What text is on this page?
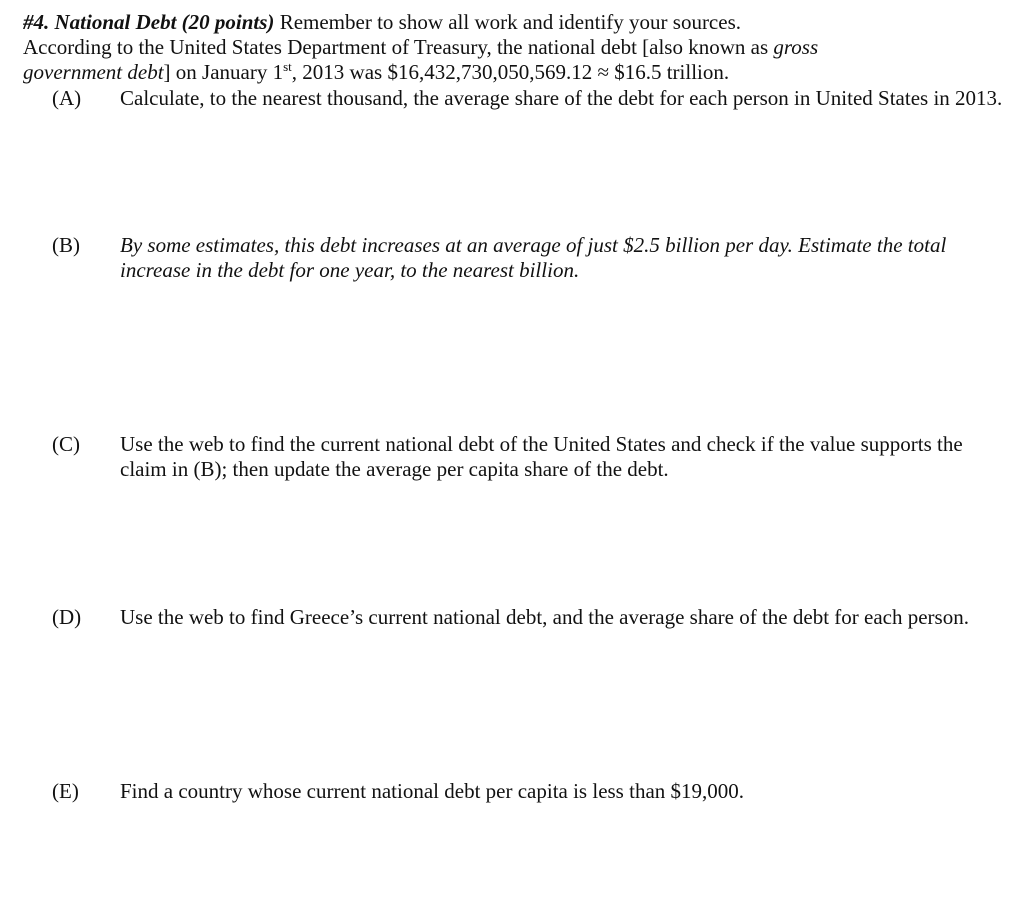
#4. National Debt (20 points) Remember to show all work and identify your sources.
According to the United States Department of Treasury, the national debt [also known as gross
government debt] on January 1st, 2013 was $16,432,730,050,569.12 ≈ $16.5 trillion.

(A)	Calculate, to the nearest thousand, the average share of the debt for each person in United States in 2013.

(B)	By some estimates, this debt increases at an average of just $2.5 billion per day. Estimate the total increase in the debt for one year, to the nearest billion.

(C)	Use the web to find the current national debt of the United States and check if the value supports the claim in (B); then update the average per capita share of the debt.

(D)	Use the web to find Greece’s current national debt, and the average share of the debt for each person.

(E)	Find a country whose current national debt per capita is less than $19,000.
